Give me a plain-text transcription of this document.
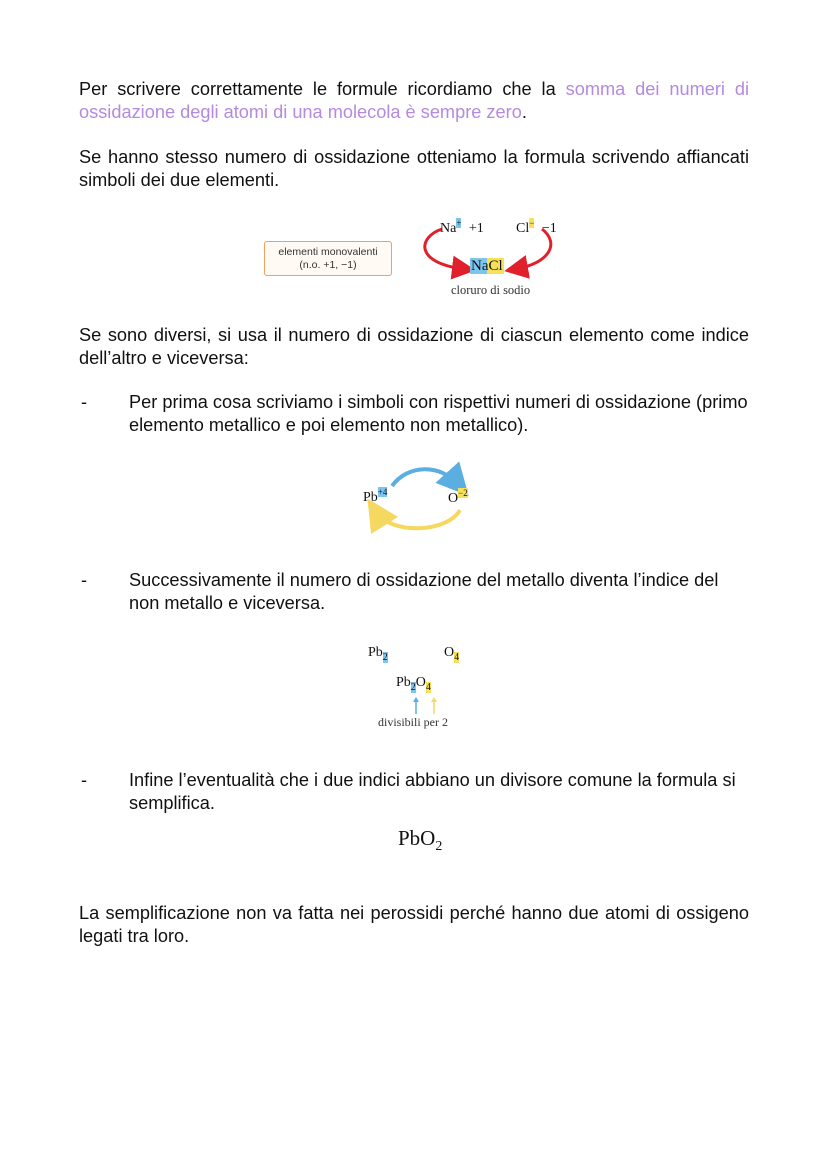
Per scrivere correttamente le formule ricordiamo che la somma dei numeri di ossidazione degli atomi di una molecola è sempre zero.

Se hanno stesso numero di ossidazione otteniamo la formula scrivendo affiancati simboli dei due elementi.

elementi monovalenti
(n.o. +1, −1)
Na+ +1 Cl− −1
NaCl
cloruro di sodio

Se sono diversi, si usa il numero di ossidazione di ciascun elemento come indice dell’altro e viceversa:

- Per prima cosa scriviamo i simboli con rispettivi numeri di ossidazione (primo elemento metallico e poi elemento non metallico).

$Pb^{+4}$	$O^{-2}$
- Successivamente il numero di ossidazione del metallo diventa l’indice del non metallo e viceversa.

$Pb_2$	$O_4$
$Pb_2O_4$
divisibili per 2
- Infine l’eventualità che i due indici abbiano un divisore comune la formula si semplifica.

PbO$_2$

La semplificazione non va fatta nei perossidi perché hanno due atomi di ossigeno legati tra loro.
